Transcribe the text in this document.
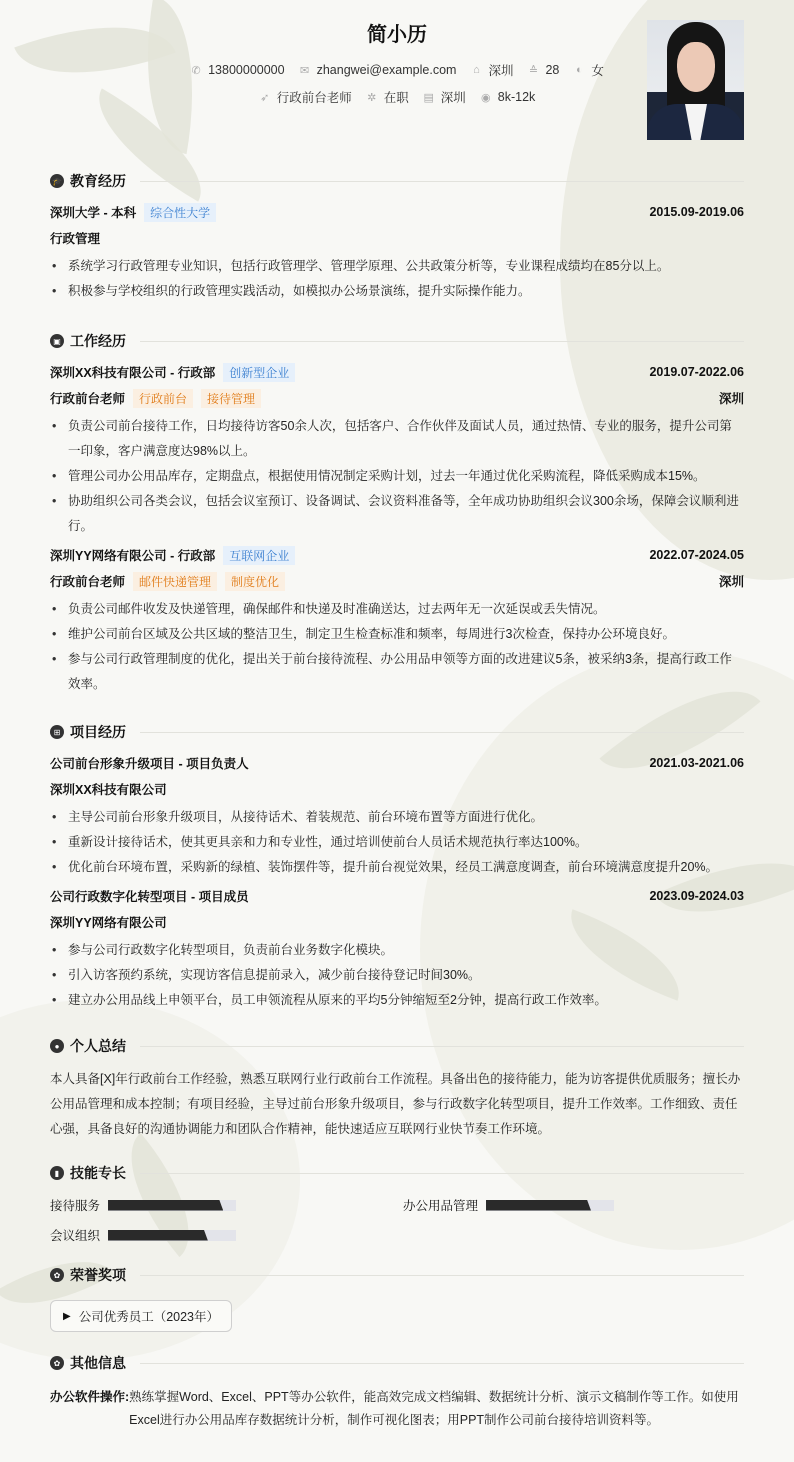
简小历
✆ 13800000000 ✉ zhangwei@example.com ⌂ 深圳 ≙ 28 ◐ 女
➶ 行政前台老师 ✲ 在职 ▤ 深圳 ◉ 8k-12k
🎓 教育经历
深圳大学 - 本科	综合性大学	2015.09-2019.06
行政管理
• 系统学习行政管理专业知识，包括行政管理学、管理学原理、公共政策分析等，专业课程成绩均在85分以上。
• 积极参与学校组织的行政管理实践活动，如模拟办公场景演练，提升实际操作能力。
▣ 工作经历
深圳XX科技有限公司 - 行政部	创新型企业	2019.07-2022.06
行政前台老师	行政前台	接待管理	深圳
• 负责公司前台接待工作，日均接待访客50余人次，包括客户、合作伙伴及面试人员，通过热情、专业的服务，提升公司第一印象，客户满意度达98%以上。
• 管理公司办公用品库存，定期盘点，根据使用情况制定采购计划，过去一年通过优化采购流程，降低采购成本15%。
• 协助组织公司各类会议，包括会议室预订、设备调试、会议资料准备等，全年成功协助组织会议300余场，保障会议顺利进行。
深圳YY网络有限公司 - 行政部	互联网企业	2022.07-2024.05
行政前台老师	邮件快递管理	制度优化	深圳
• 负责公司邮件收发及快递管理，确保邮件和快递及时准确送达，过去两年无一次延误或丢失情况。
• 维护公司前台区域及公共区域的整洁卫生，制定卫生检查标准和频率，每周进行3次检查，保持办公环境良好。
• 参与公司行政管理制度的优化，提出关于前台接待流程、办公用品申领等方面的改进建议5条，被采纳3条，提高行政工作效率。
⊞ 项目经历
公司前台形象升级项目 - 项目负责人	2021.03-2021.06
深圳XX科技有限公司
• 主导公司前台形象升级项目，从接待话术、着装规范、前台环境布置等方面进行优化。
• 重新设计接待话术，使其更具亲和力和专业性，通过培训使前台人员话术规范执行率达100%。
• 优化前台环境布置，采购新的绿植、装饰摆件等，提升前台视觉效果，经员工满意度调查，前台环境满意度提升20%。
公司行政数字化转型项目 - 项目成员	2023.09-2024.03
深圳YY网络有限公司
• 参与公司行政数字化转型项目，负责前台业务数字化模块。
• 引入访客预约系统，实现访客信息提前录入，减少前台接待登记时间30%。
• 建立办公用品线上申领平台，员工申领流程从原来的平均5分钟缩短至2分钟，提高行政工作效率。
● 个人总结
本人具备[X]年行政前台工作经验，熟悉互联网行业行政前台工作流程。具备出色的接待能力，能为访客提供优质服务；擅长办公用品管理和成本控制；有项目经验，主导过前台形象升级项目，参与行政数字化转型项目，提升工作效率。工作细致、责任心强，具备良好的沟通协调能力和团队合作精神，能快速适应互联网行业快节奏工作环境。
▮ 技能专长
接待服务	办公用品管理
会议组织
✿ 荣誉奖项
▶ 公司优秀员工（2023年）
✿ 其他信息
办公软件操作: 熟练掌握Word、Excel、PPT等办公软件，能高效完成文档编辑、数据统计分析、演示文稿制作等工作。如使用Excel进行办公用品库存数据统计分析，制作可视化图表；用PPT制作公司前台接待培训资料等。
